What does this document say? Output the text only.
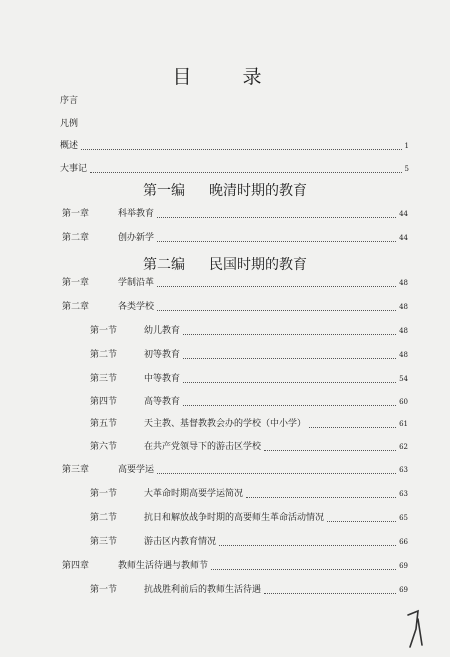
目　录
序言
凡例
概述	1
大事记	5
第一编 晚清时期的教育
第一章	科举教育	44
第二章	创办新学	44
第二编 民国时期的教育
第一章	学制沿革	48
第二章	各类学校	48
第一节	幼儿教育	48
第二节	初等教育	48
第三节	中等教育	54
第四节	高等教育	60
第五节	天主教、基督教教会办的学校（中小学）	61
第六节	在共产党领导下的游击区学校	62
第三章	高要学运	63
第一节	大革命时期高要学运简况	63
第二节	抗日和解放战争时期的高要师生革命活动情况	65
第三节	游击区内教育情况	66
第四章	教师生活待遇与教师节	69
第一节	抗战胜利前后的教师生活待遇	69
